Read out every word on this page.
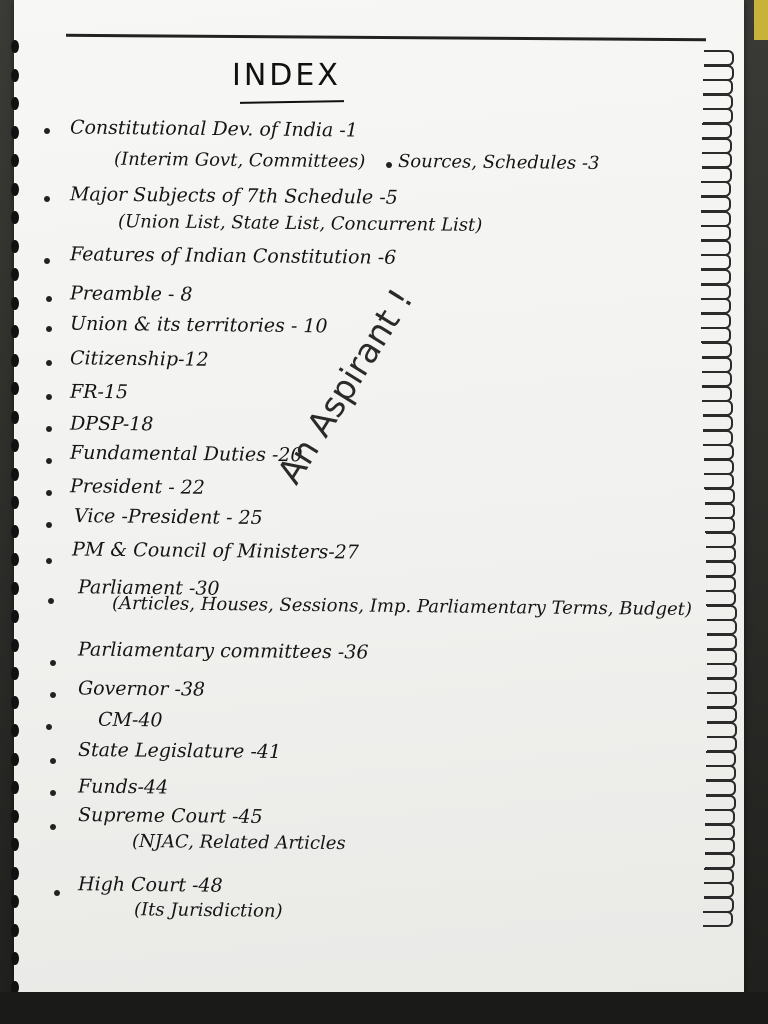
INDEX
Constitutional Dev. of India -1
(Interim Govt, Committees) Sources, Schedules -3
Major Subjects of 7th Schedule -5
(Union List, State List, Concurrent List)
Features of Indian Constitution -6
Preamble - 8
Union & its territories - 10
Citizenship-12
FR-15
DPSP-18
Fundamental Duties -20
President - 22
Vice -President - 25
PM & Council of Ministers-27
Parliament -30
(Articles, Houses, Sessions, Imp. Parliamentary Terms, Budget)
Parliamentary committees -36
Governor -38
CM-40
State Legislature -41
Funds-44
Supreme Court -45
(NJAC, Related Articles
High Court -48
(Its Jurisdiction)
An Aspirant !
